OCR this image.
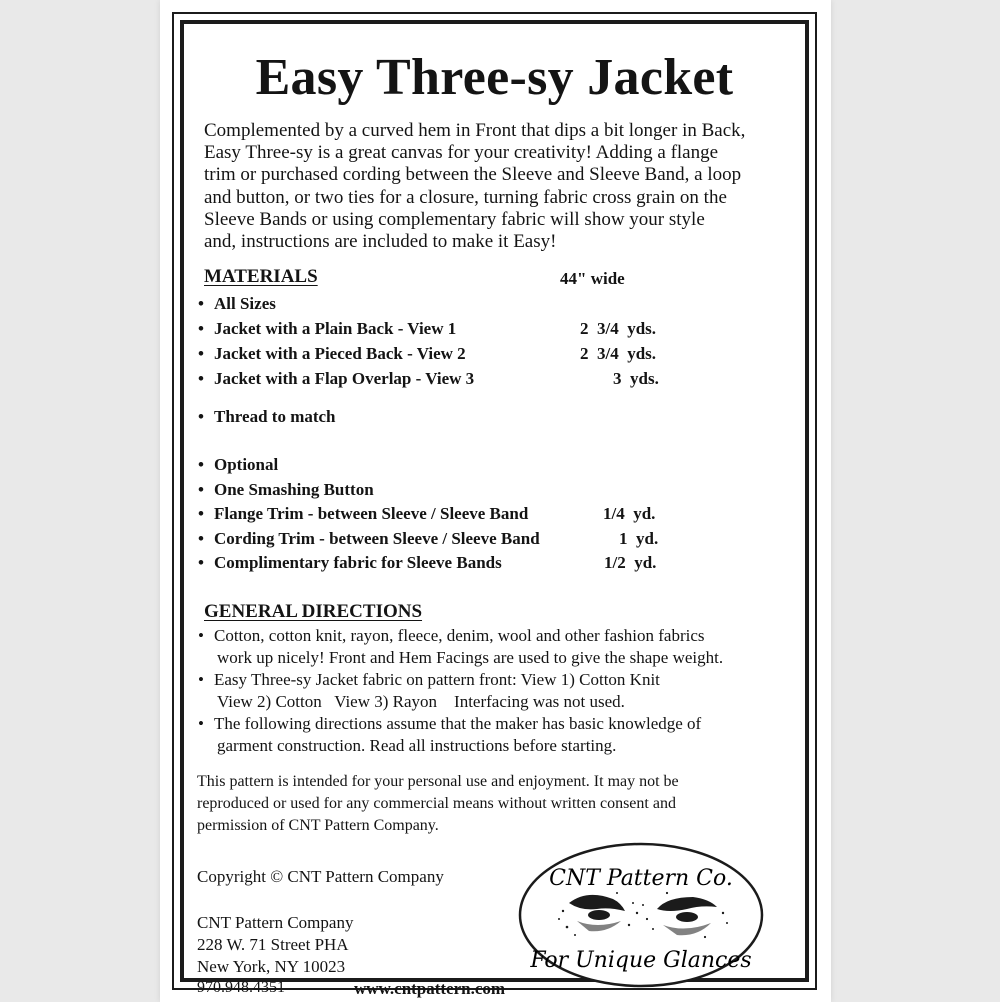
Easy Three-sy Jacket
Complemented by a curved hem in Front that dips a bit longer in Back,
Easy Three-sy is a great canvas for your creativity! Adding a flange
trim or purchased cording between the Sleeve and Sleeve Band, a loop
and button, or two ties for a closure, turning fabric cross grain on the
Sleeve Bands or using complementary fabric will show your style
and, instructions are included to make it Easy!
MATERIALS	44" wide
• All Sizes
• Jacket with a Plain Back - View 1	2  3/4  yds.
• Jacket with a Pieced Back - View 2	2  3/4  yds.
• Jacket with a Flap Overlap - View 3	3  yds.
• Thread to match
• Optional
• One Smashing Button
• Flange Trim - between Sleeve / Sleeve Band	1/4  yd.
• Cording Trim - between Sleeve / Sleeve Band	1  yd.
• Complimentary fabric for Sleeve Bands	1/2  yd.
GENERAL DIRECTIONS
• Cotton, cotton knit, rayon, fleece, denim, wool and other fashion fabrics
work up nicely! Front and Hem Facings are used to give the shape weight.
• Easy Three-sy Jacket fabric on pattern front: View 1) Cotton Knit
View 2) Cotton   View 3) Rayon    Interfacing was not used.
• The following directions assume that the maker has basic knowledge of
garment construction. Read all instructions before starting.
This pattern is intended for your personal use and enjoyment. It may not be
reproduced or used for any commercial means without written consent and
permission of CNT Pattern Company.
Copyright © CNT Pattern Company
CNT Pattern Company
228 W. 71 Street PHA
New York, NY 10023
970.948.4351	www.cntpattern.com
CNT Pattern Co.
For Unique Glances
